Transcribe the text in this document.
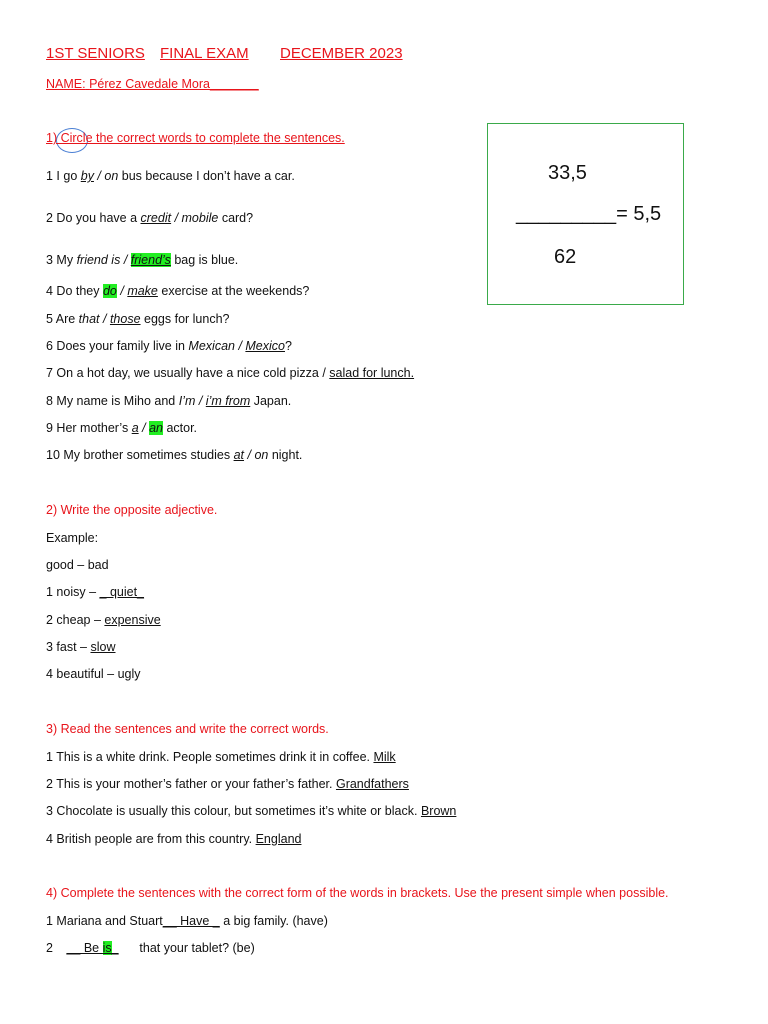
1ST SENIORS FINAL EXAM DECEMBER 2023
NAME: Pérez Cavedale Mora_______
33,5
_________= 5,5
62
1) Circle the correct words to complete the sentences.
1 I go by / on bus because I don’t have a car.
2 Do you have a credit / mobile card?
3 My friend is / friend’s bag is blue.
4 Do they do / make exercise at the weekends?
5 Are that / those eggs for lunch?
6 Does your family live in Mexican / Mexico?
7 On a hot day, we usually have a nice cold pizza / salad for lunch.
8 My name is Miho and I’m / i’m from Japan.
9 Her mother’s a / an actor.
10 My brother sometimes studies at / on night.
2) Write the opposite adjective.
Example:
good – bad
1 noisy – _ quiet_
2 cheap – expensive
3 fast – slow
4 beautiful – ugly
3) Read the sentences and write the correct words.
1 This is a white drink. People sometimes drink it in coffee. Milk
2 This is your mother’s father or your father’s father. Grandfathers
3 Chocolate is usually this colour, but sometimes it’s white or black. Brown
4 British people are from this country. England
4) Complete the sentences with the correct form of the words in brackets. Use the present simple when possible.
1 Mariana and Stuart__ Have _ a big family. (have)
2 __ Be is_      that your tablet? (be)
